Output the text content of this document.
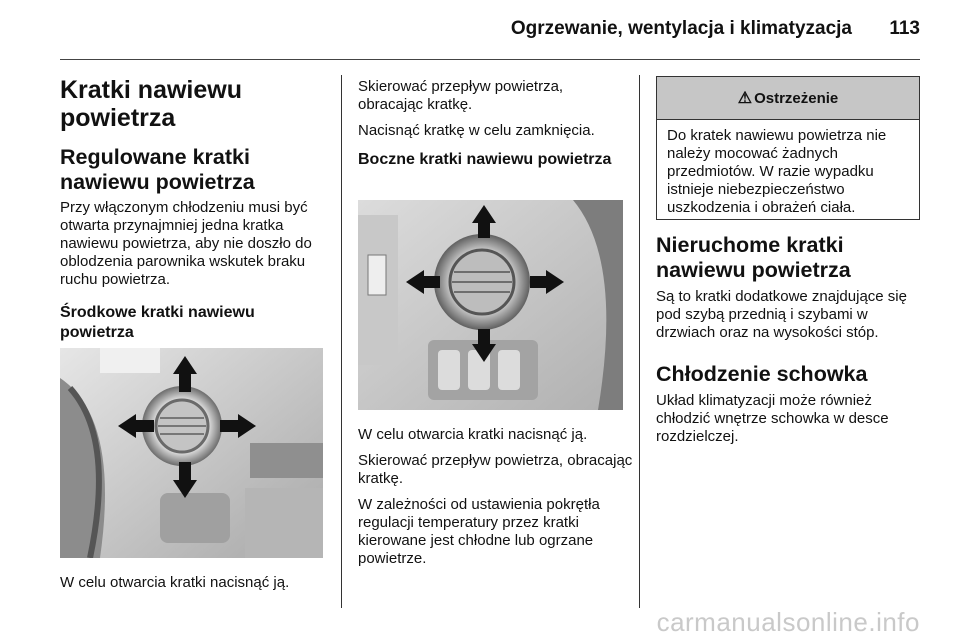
Ogrzewanie, wentylacja i klimatyzacja 113
Kratki nawiewu powietrza
Regulowane kratki nawiewu powietrza

Przy włączonym chłodzeniu musi być otwarta przynajmniej jedna kratka nawiewu powietrza, aby nie doszło do oblodzenia parownika wskutek braku ruchu powietrza.

Środkowe kratki nawiewu powietrza

W celu otwarcia kratki nacisnąć ją.

Skierować przepływ powietrza, obracając kratkę.

Nacisnąć kratkę w celu zamknięcia.

Boczne kratki nawiewu powietrza

W celu otwarcia kratki nacisnąć ją.

Skierować przepływ powietrza, obracając kratkę.

W zależności od ustawienia pokrętła regulacji temperatury przez kratki kierowane jest chłodne lub ogrzane powietrze.

⚠ Ostrzeżenie

Do kratek nawiewu powietrza nie należy mocować żadnych przedmiotów. W razie wypadku istnieje niebezpieczeństwo uszkodzenia i obrażeń ciała.

Nieruchome kratki nawiewu powietrza

Są to kratki dodatkowe znajdujące się pod szybą przednią i szybami w drzwiach oraz na wysokości stóp.

Chłodzenie schowka

Układ klimatyzacji może również chłodzić wnętrze schowka w desce rozdzielczej.

carmanualsonline.info
